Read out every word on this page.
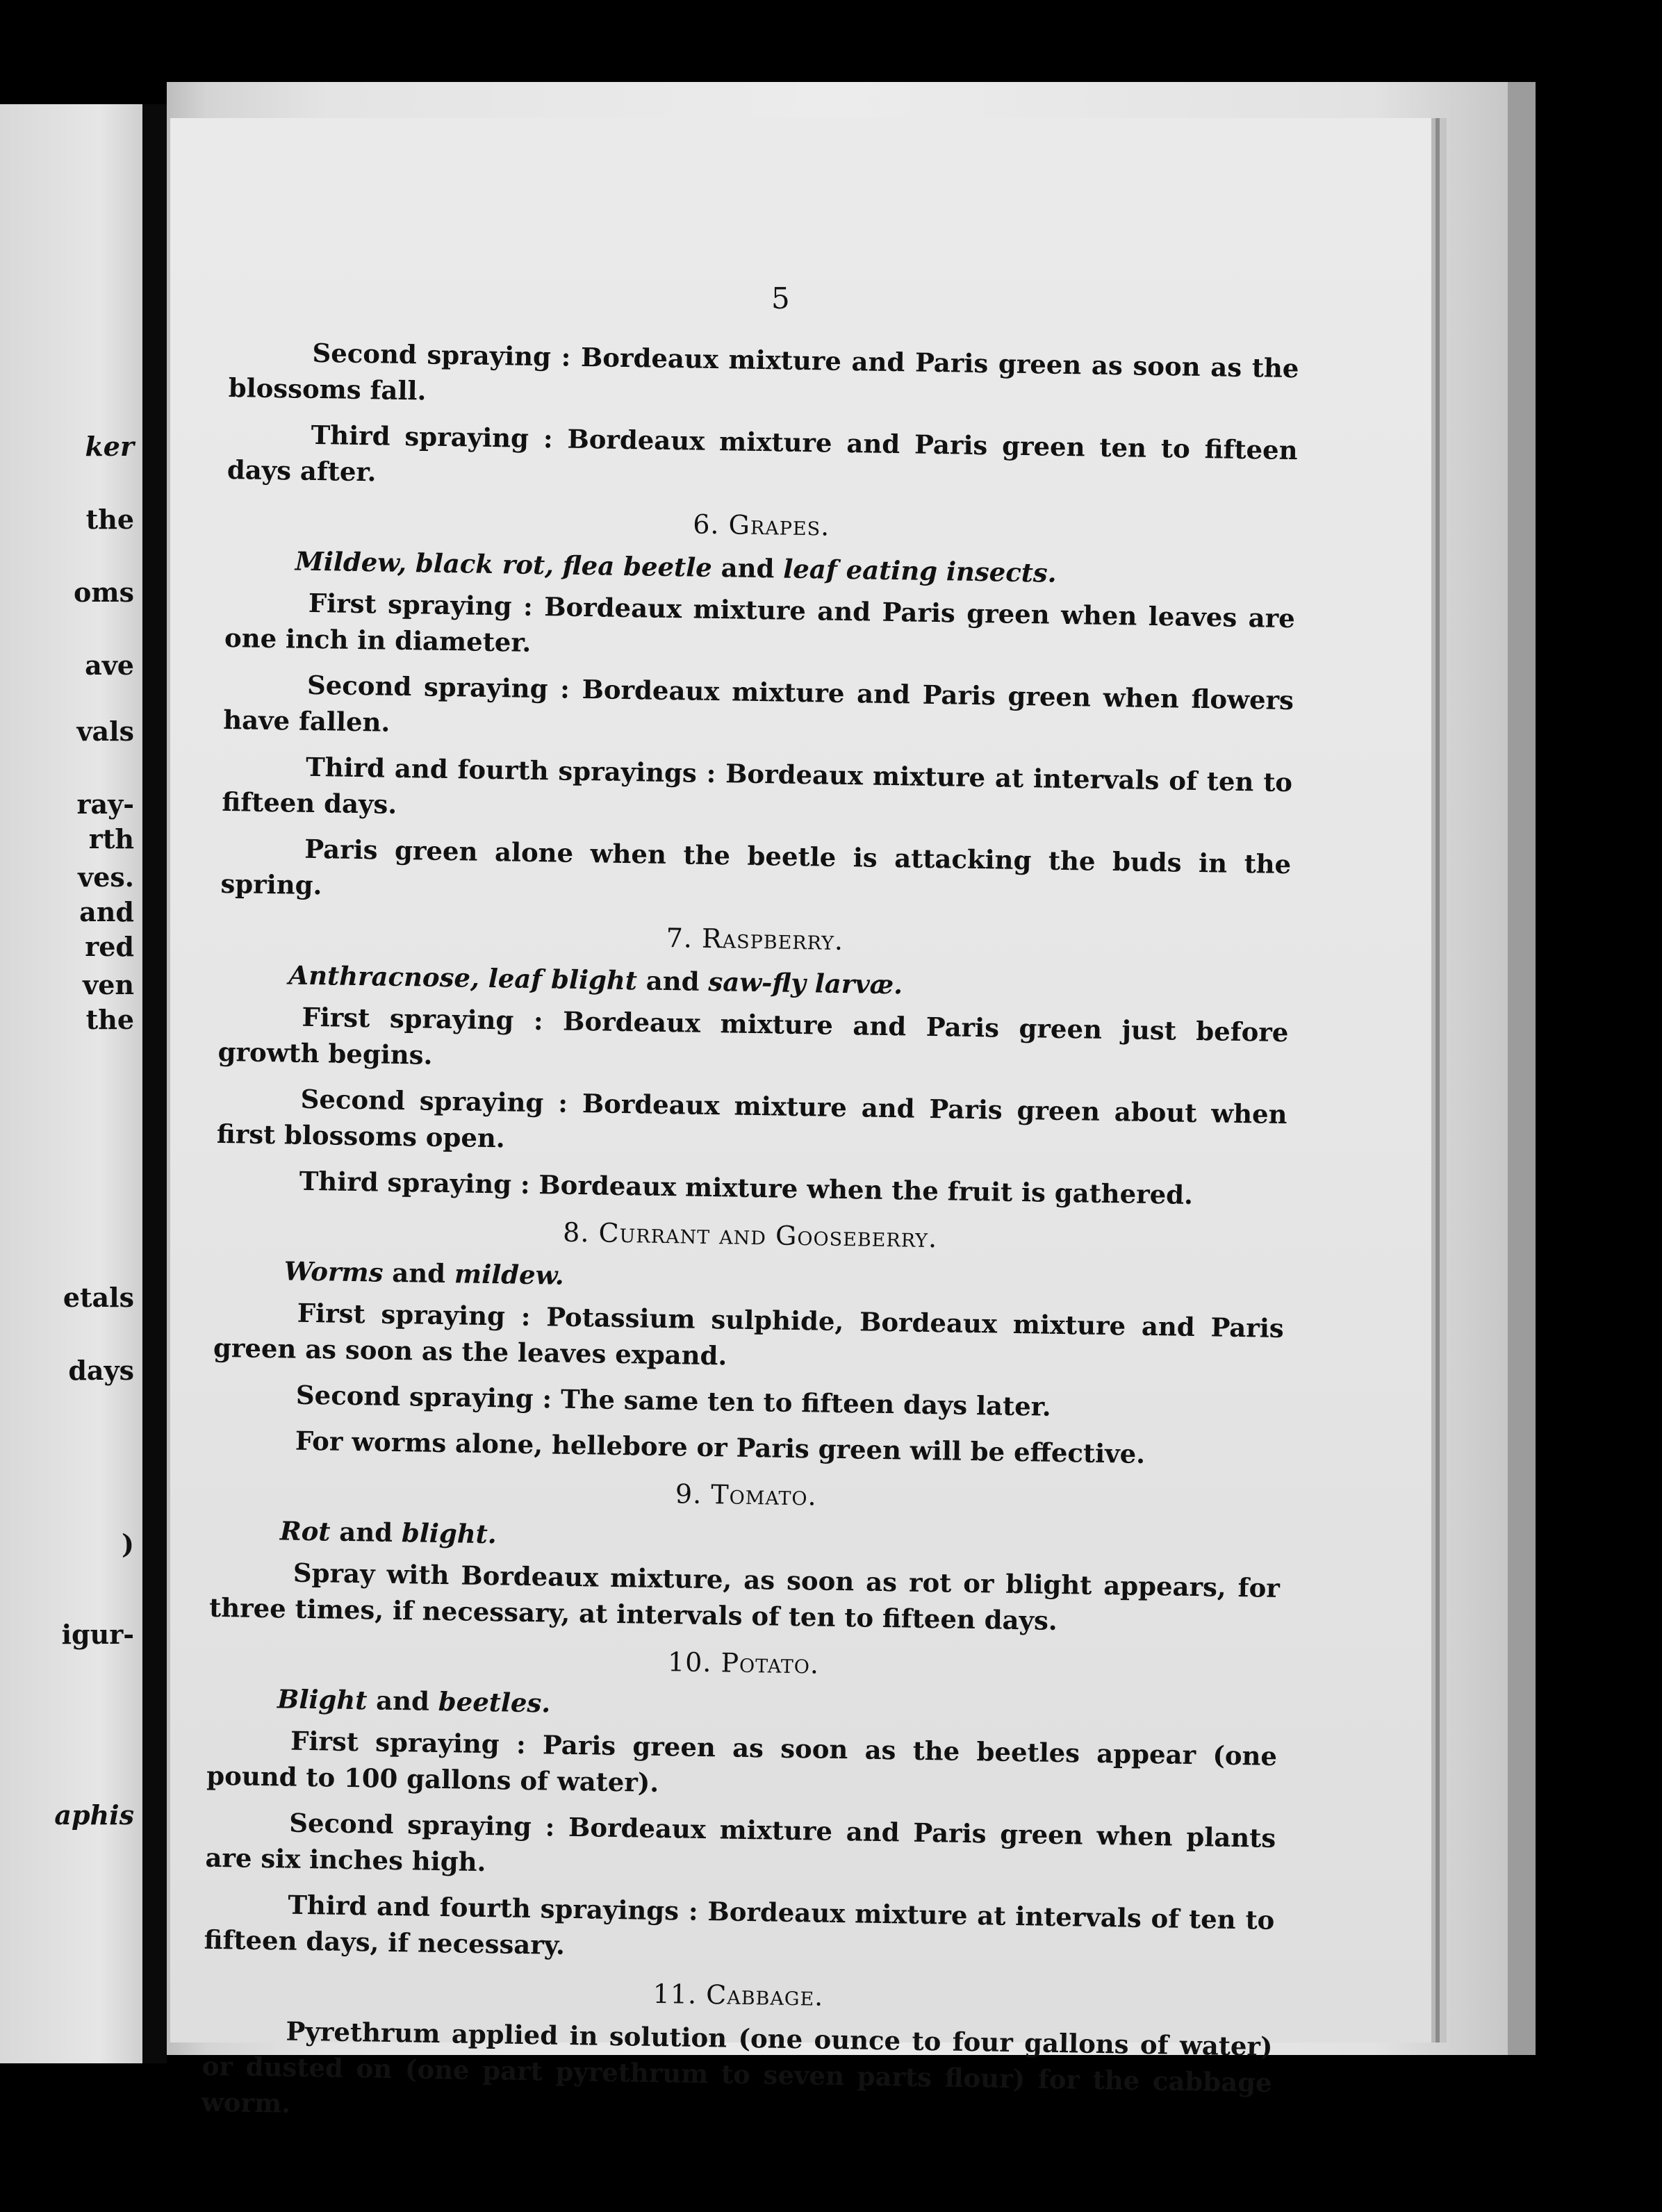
ker
the
oms
ave
vals
ray-
rth
ves.
and
red
ven
the
etals
days
)
igur-
aphis
5

Second spraying : Bordeaux mixture and Paris green as soon as the blossoms fall.

Third spraying : Bordeaux mixture and Paris green ten to fifteen days after.

6. Grapes.
Mildew, black rot, flea beetle and leaf eating insects.

First spraying : Bordeaux mixture and Paris green when leaves are one inch in diameter.

Second spraying : Bordeaux mixture and Paris green when flowers have fallen.

Third and fourth sprayings : Bordeaux mixture at intervals of ten to fifteen days.

Paris green alone when the beetle is attacking the buds in the spring.

7. Raspberry.
Anthracnose, leaf blight and saw-fly larvæ.

First spraying : Bordeaux mixture and Paris green just before growth begins.

Second spraying : Bordeaux mixture and Paris green about when first blossoms open.

Third spraying : Bordeaux mixture when the fruit is gathered.

8. Currant and Gooseberry.
Worms and mildew.

First spraying : Potassium sulphide, Bordeaux mixture and Paris green as soon as the leaves expand.

Second spraying : The same ten to fifteen days later.

For worms alone, hellebore or Paris green will be effective.

9. Tomato.
Rot and blight.

Spray with Bordeaux mixture, as soon as rot or blight appears, for three times, if necessary, at intervals of ten to fifteen days.

10. Potato.
Blight and beetles.

First spraying : Paris green as soon as the beetles appear (one pound to 100 gallons of water).

Second spraying : Bordeaux mixture and Paris green when plants are six inches high.

Third and fourth sprayings : Bordeaux mixture at intervals of ten to fifteen days, if necessary.

11. Cabbage.

Pyrethrum applied in solution (one ounce to four gallons of water) or dusted on (one part pyrethrum to seven parts flour) for the cabbage worm.
